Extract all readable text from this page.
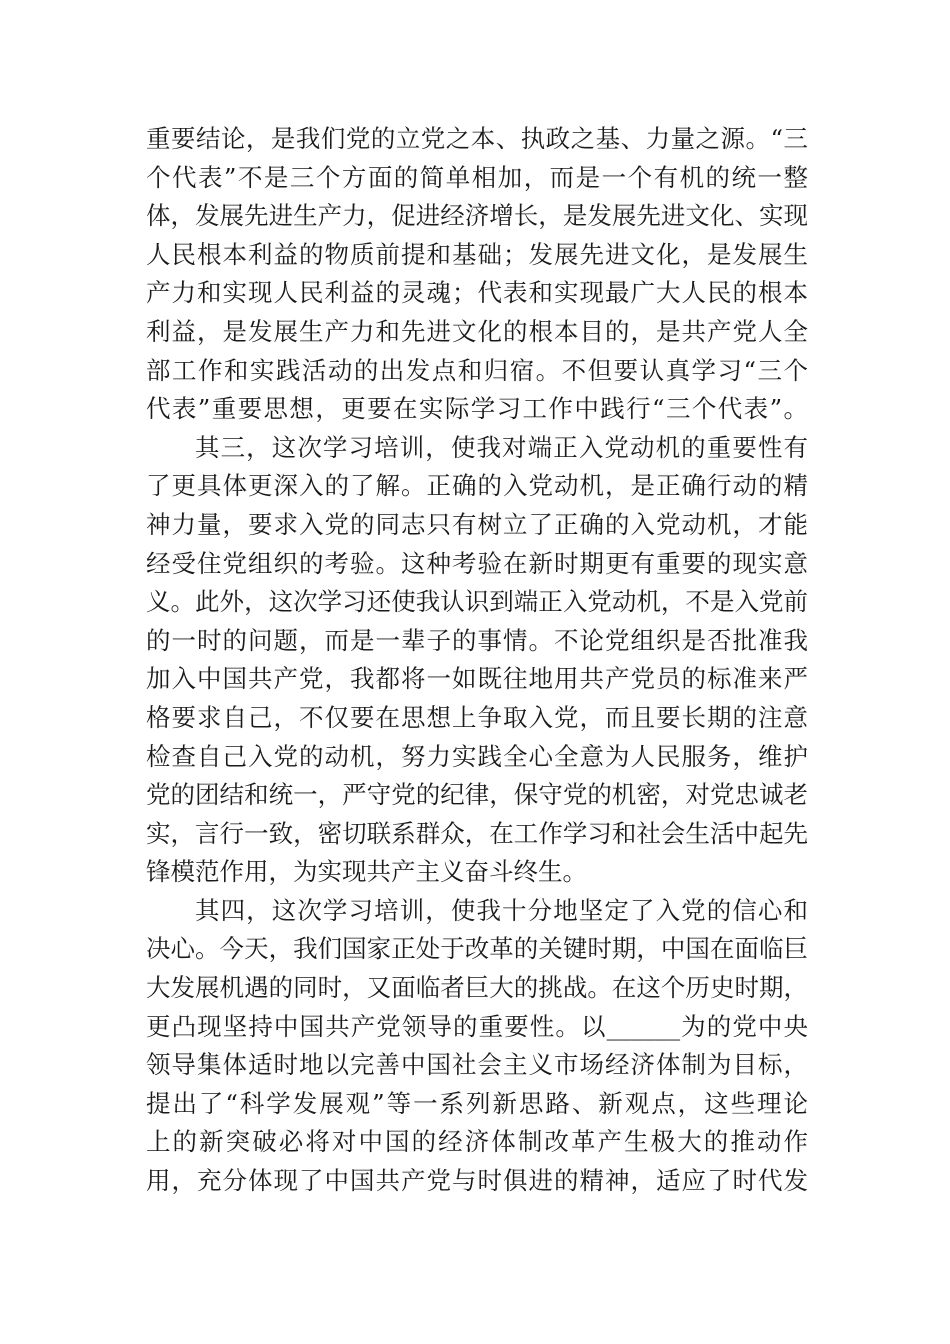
重要结论，是我们党的立党之本、执政之基、力量之源。“三
个代表”不是三个方面的简单相加，而是一个有机的统一整
体，发展先进生产力，促进经济增长，是发展先进文化、实现
人民根本利益的物质前提和基础；发展先进文化，是发展生
产力和实现人民利益的灵魂；代表和实现最广大人民的根本
利益，是发展生产力和先进文化的根本目的，是共产党人全
部工作和实践活动的出发点和归宿。不但要认真学习“三个
代表”重要思想，更要在实际学习工作中践行“三个代表”。
其三，这次学习培训，使我对端正入党动机的重要性有
了更具体更深入的了解。正确的入党动机，是正确行动的精
神力量，要求入党的同志只有树立了正确的入党动机，才能
经受住党组织的考验。这种考验在新时期更有重要的现实意
义。此外，这次学习还使我认识到端正入党动机，不是入党前
的一时的问题，而是一辈子的事情。不论党组织是否批准我
加入中国共产党，我都将一如既往地用共产党员的标准来严
格要求自己，不仅要在思想上争取入党，而且要长期的注意
检查自己入党的动机，努力实践全心全意为人民服务，维护
党的团结和统一，严守党的纪律，保守党的机密，对党忠诚老
实，言行一致，密切联系群众，在工作学习和社会生活中起先
锋模范作用，为实现共产主义奋斗终生。
其四，这次学习培训，使我十分地坚定了入党的信心和
决心。今天，我们国家正处于改革的关键时期，中国在面临巨
大发展机遇的同时，又面临者巨大的挑战。在这个历史时期，
更凸现坚持中国共产党领导的重要性。以______为的党中央
领导集体适时地以完善中国社会主义市场经济体制为目标，
提出了“科学发展观”等一系列新思路、新观点，这些理论
上的新突破必将对中国的经济体制改革产生极大的推动作
用，充分体现了中国共产党与时俱进的精神，适应了时代发
